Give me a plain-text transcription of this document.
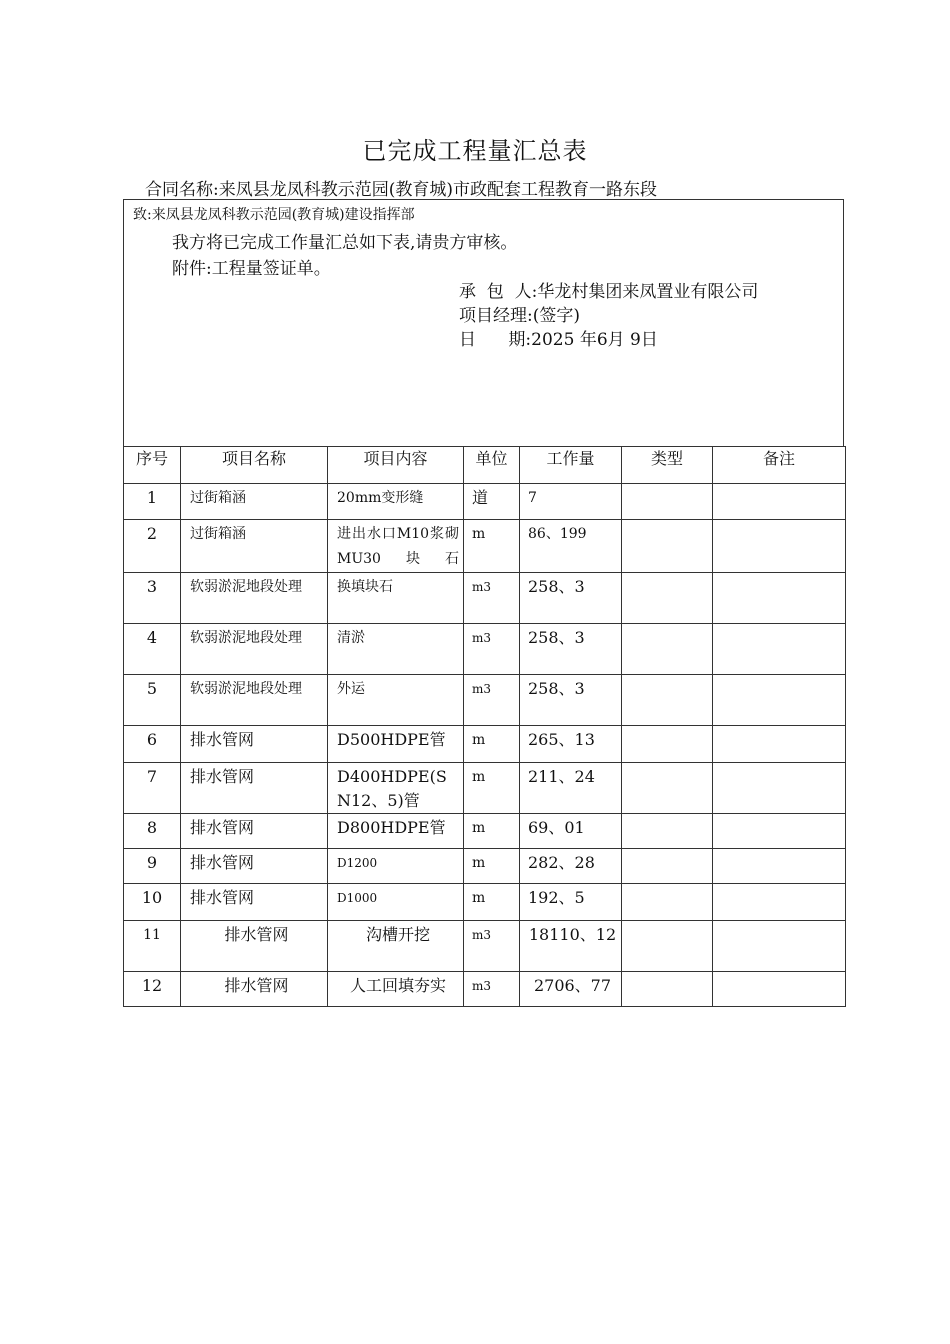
已完成工程量汇总表
合同名称:来凤县龙凤科教示范园(教育城)市政配套工程教育一路东段
致:来凤县龙凤科教示范园(教育城)建设指挥部
我方将已完成工作量汇总如下表,请贵方审核。
附件:工程量签证单。
承  包  人:华龙村集团来凤置业有限公司
项目经理:(签字)
日      期:2025 年6月 9日
序号	项目名称	项目内容	单位	工作量	类型	备注
1	过街箱涵	20mm变形缝	道	7		
2	过街箱涵	进出水口M10浆砌MU30块石	m	86、199		
3	软弱淤泥地段处理	换填块石	m3	258、3		
4	软弱淤泥地段处理	清淤	m3	258、3		
5	软弱淤泥地段处理	外运	m3	258、3		
6	排水管网	D500HDPE管	m	265、13		
7	排水管网	D400HDPE(SN12、5)管	m	211、24		
8	排水管网	D800HDPE管	m	69、01		
9	排水管网	D1200	m	282、28		
10	排水管网	D1000	m	192、5		
11	排水管网	沟槽开挖	m3	18110、12		
12	排水管网	人工回填夯实	m3	2706、77		
